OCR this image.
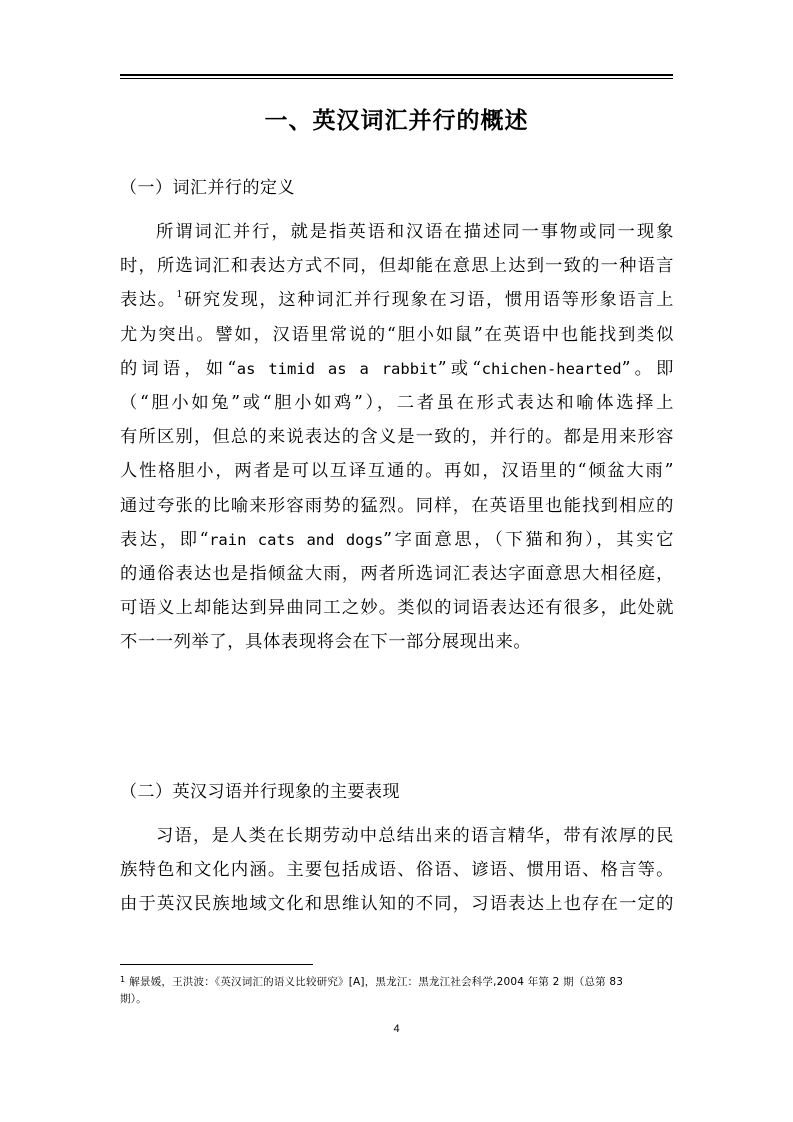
一、英汉词汇并行的概述
（一）词汇并行的定义
所谓词汇并行，就是指英语和汉语在描述同一事物或同一现象
时，所选词汇和表达方式不同，但却能在意思上达到一致的一种语言
表达。$^1$研究发现，这种词汇并行现象在习语，惯用语等形象语言上
尤为突出。譬如，汉语里常说的“胆小如鼠”在英语中也能找到类似
的词语，如“as timid as a rabbit”或“chichen-hearted”。即
（“胆小如兔”或“胆小如鸡”），二者虽在形式表达和喻体选择上
有所区别，但总的来说表达的含义是一致的，并行的。都是用来形容
人性格胆小，两者是可以互译互通的。再如，汉语里的“倾盆大雨”
通过夸张的比喻来形容雨势的猛烈。同样，在英语里也能找到相应的
表达，即“rain cats and dogs”字面意思，（下猫和狗），其实它
的通俗表达也是指倾盆大雨，两者所选词汇表达字面意思大相径庭，
可语义上却能达到异曲同工之妙。类似的词语表达还有很多，此处就
不一一列举了，具体表现将会在下一部分展现出来。
（二）英汉习语并行现象的主要表现
习语，是人类在长期劳动中总结出来的语言精华，带有浓厚的民
族特色和文化内涵。主要包括成语、俗语、谚语、惯用语、格言等。
由于英汉民族地域文化和思维认知的不同，习语表达上也存在一定的
$^1$ 解景媛，王洪波：《英汉词汇的语义比较研究》[A]，黑龙江：黑龙江社会科学,2004 年第 2 期（总第 83
期）。
4
